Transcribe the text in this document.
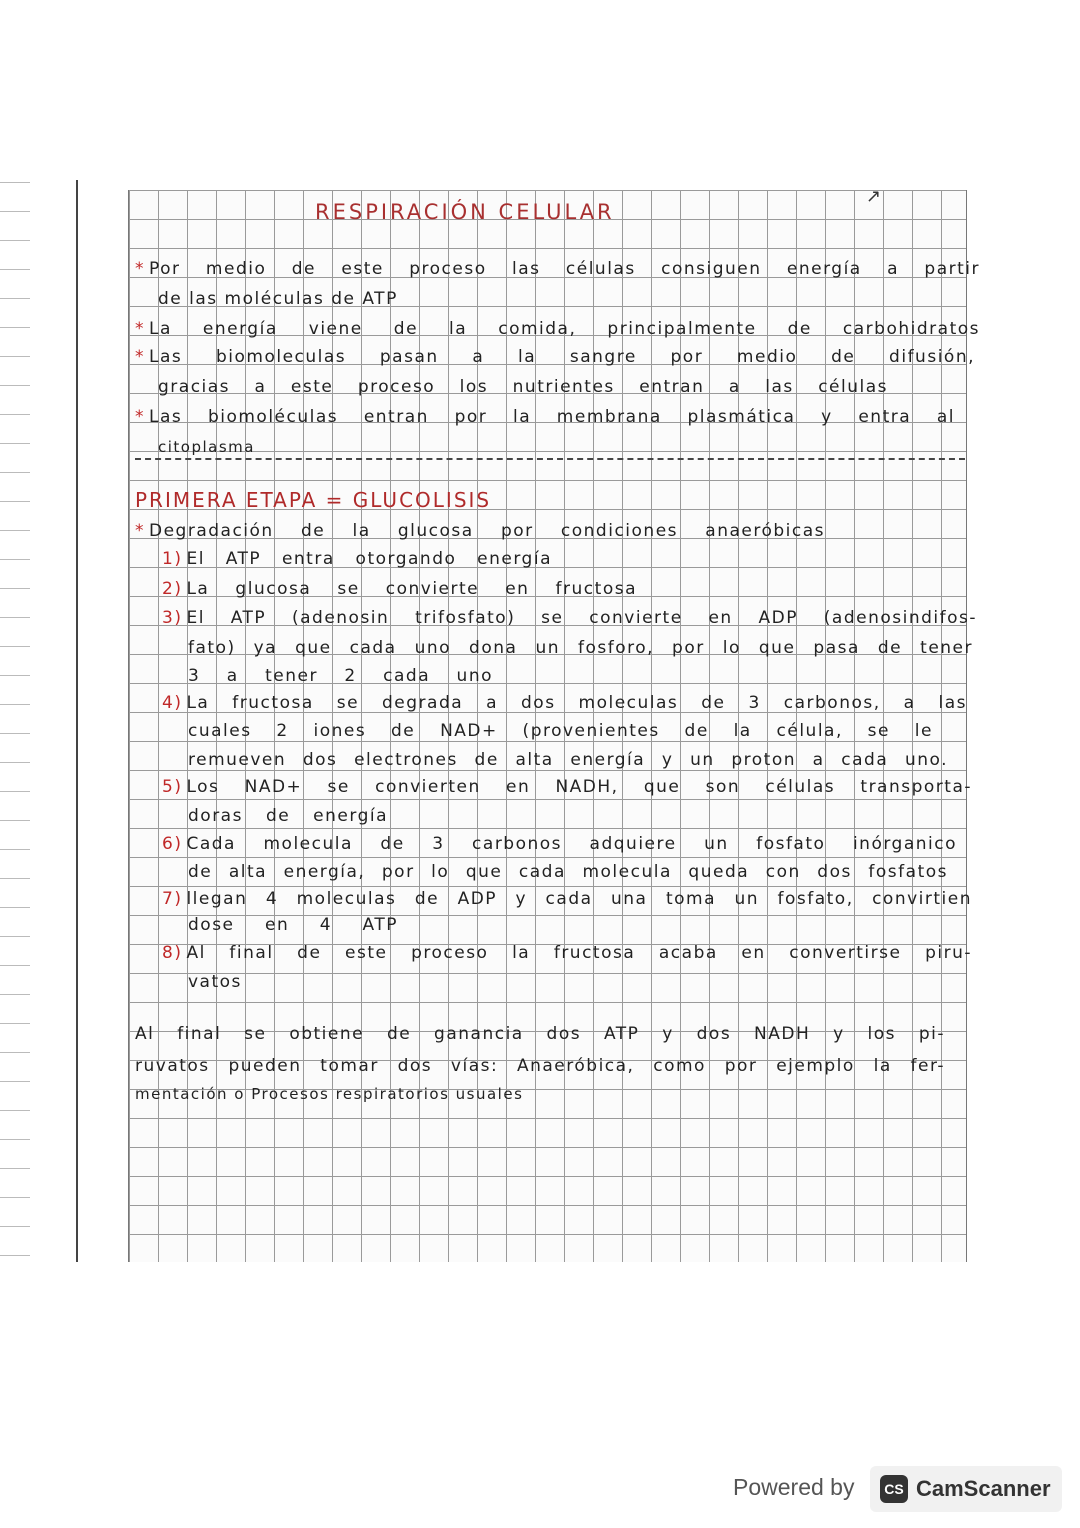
↗
RESPIRACIÓN CELULAR
* Por medio de este proceso las células consiguen energía a partir
de las moléculas de ATP
* La energía viene de la comida, principalmente de carbohidratos
* Las biomoleculas pasan a la sangre por medio de difusión,
gracias a este proceso los nutrientes entran a las células
* Las biomoléculas entran por la membrana plasmática y entra al
citoplasma
PRIMERA ETAPA = GLUCOLISIS
* Degradación de la glucosa por condiciones anaeróbicas
1) El ATP entra otorgando energía
2) La glucosa se convierte en fructosa
3) El ATP (adenosin trifosfato) se convierte en ADP (adenosindifos-
fato) ya que cada uno dona un fosforo, por lo que pasa de tener
3 a tener 2 cada uno
4) La fructosa se degrada a dos moleculas de 3 carbonos, a las
cuales 2 iones de NAD+ (provenientes de la célula, se le
remueven dos electrones de alta energía y un proton a cada uno.
5) Los NAD+ se convierten en NADH, que son células transporta-
doras de energía
6) Cada molecula de 3 carbonos adquiere un fosfato inórganico
de alta energía, por lo que cada molecula queda con dos fosfatos
7) llegan 4 moleculas de ADP y cada una toma un fosfato, convirtien
dose en 4 ATP
8) Al final de este proceso la fructosa acaba en convertirse piru-
vatos
Al final se obtiene de ganancia dos ATP y dos NADH y los pi-
ruvatos pueden tomar dos vías: Anaeróbica, como por ejemplo la fer-
mentación o Procesos respiratorios usuales
Powered by	CS CamScanner
